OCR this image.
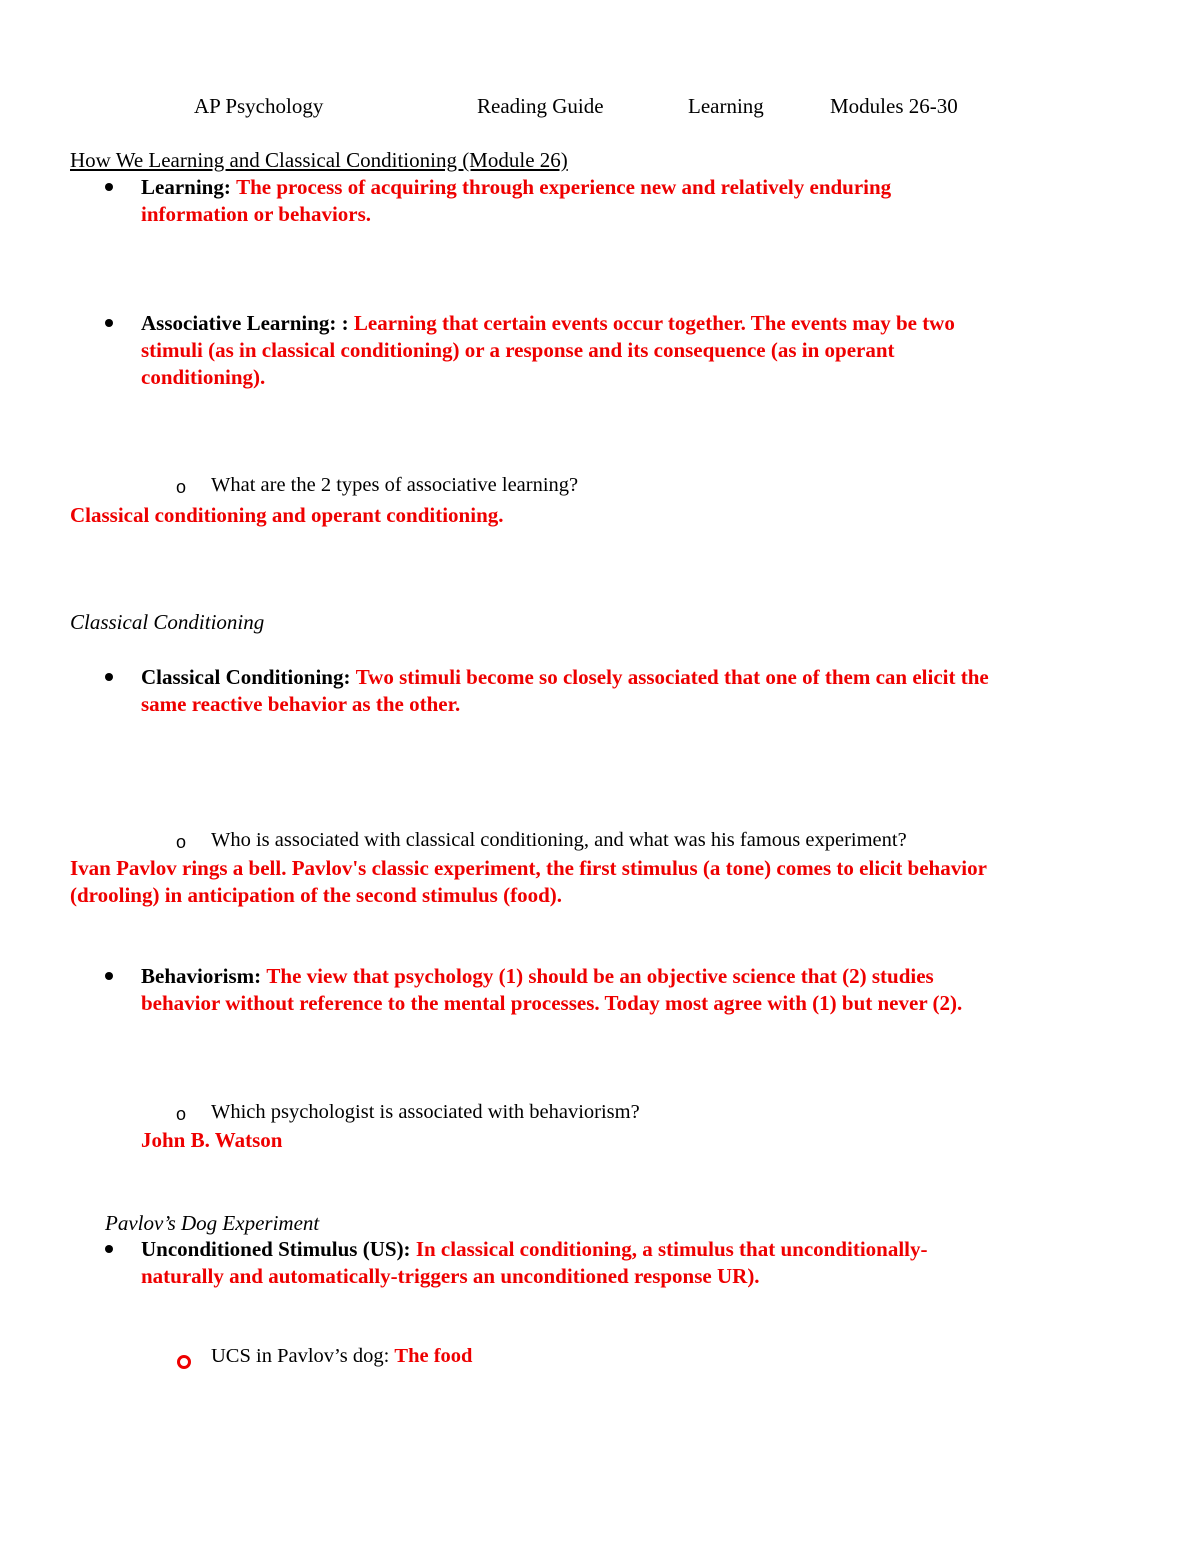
AP Psychology	Reading Guide	Learning	Modules 26-30
How We Learning and Classical Conditioning (Module 26)
Learning: The process of acquiring through experience new and relatively enduring
information or behaviors.
Associative Learning: : Learning that certain events occur together. The events may be two
stimuli (as in classical conditioning) or a response and its consequence (as in operant
conditioning).
o What are the 2 types of associative learning?
Classical conditioning and operant conditioning.
Classical Conditioning
Classical Conditioning: Two stimuli become so closely associated that one of them can elicit the
same reactive behavior as the other.
o Who is associated with classical conditioning, and what was his famous experiment?
Ivan Pavlov rings a bell. Pavlov's classic experiment, the first stimulus (a tone) comes to elicit behavior
(drooling) in anticipation of the second stimulus (food).
Behaviorism: The view that psychology (1) should be an objective science that (2) studies
behavior without reference to the mental processes. Today most agree with (1) but never (2).
o Which psychologist is associated with behaviorism?
John B. Watson
Pavlov’s Dog Experiment
Unconditioned Stimulus (US): In classical conditioning, a stimulus that unconditionally-
naturally and automatically-triggers an unconditioned response UR).
UCS in Pavlov’s dog: The food
